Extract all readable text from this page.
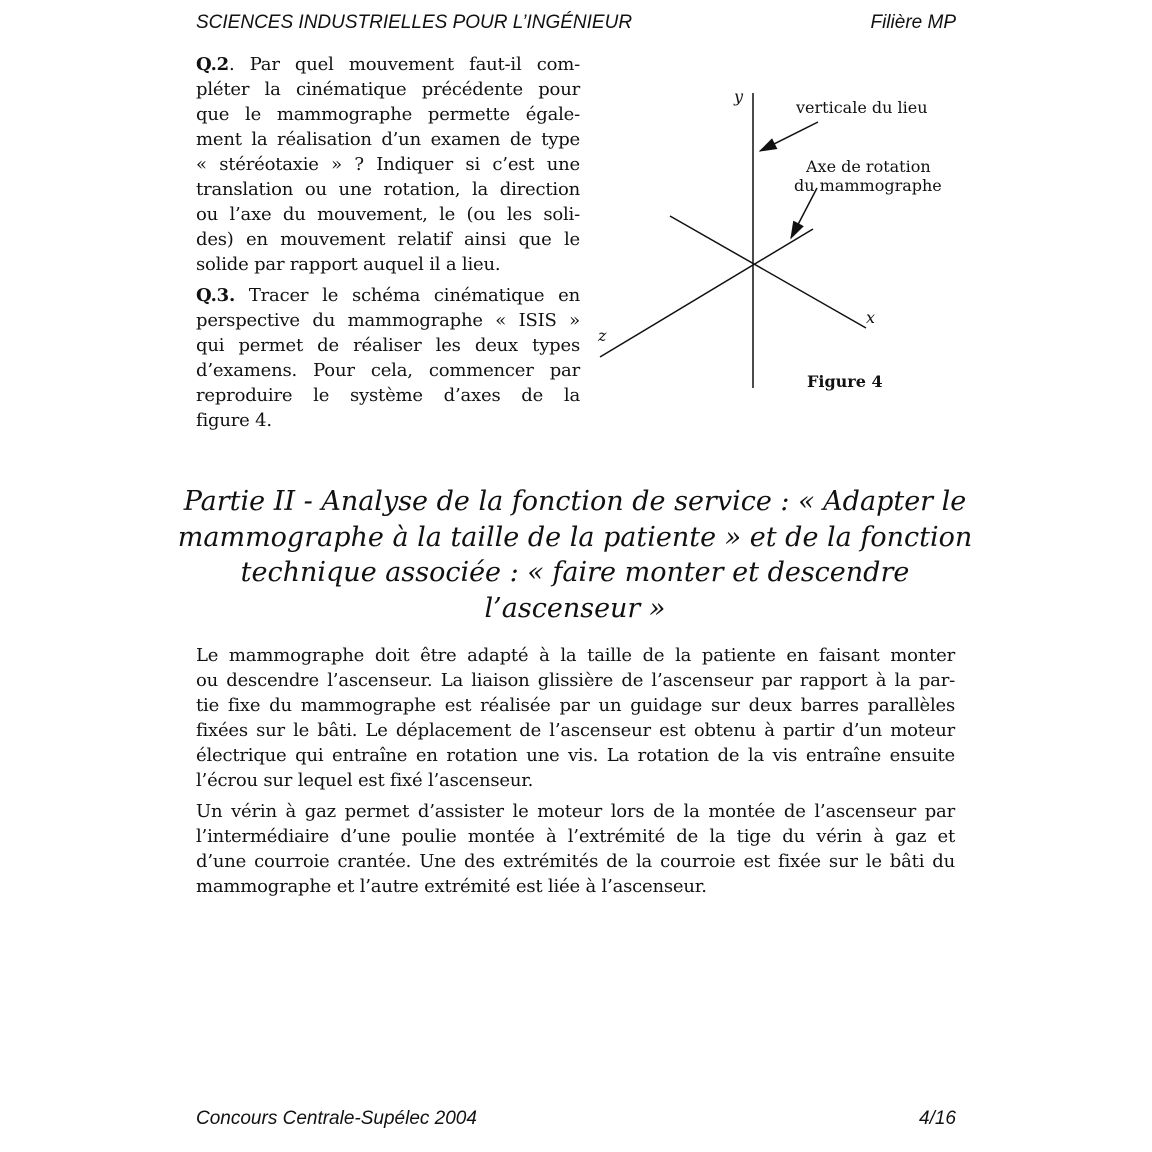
SCIENCES INDUSTRIELLES POUR L’INGÉNIEUR	Filière MP
Q.2. Par quel mouvement faut-il com-
pléter la cinématique précédente pour
que le mammographe permette égale-
ment la réalisation d’un examen de type
« stéréotaxie » ? Indiquer si c’est une
translation ou une rotation, la direction
ou l’axe du mouvement, le (ou les soli-
des) en mouvement relatif ainsi que le
solide par rapport auquel il a lieu.
Q.3. Tracer le schéma cinématique en
perspective du mammographe « ISIS »
qui permet de réaliser les deux types
d’examens. Pour cela, commencer par
reproduire le système d’axes de la
figure 4.
y
x
z
verticale du lieu
Axe de rotation
du mammographe
Figure 4
Partie II - Analyse de la fonction de service : « Adapter le
mammographe à la taille de la patiente » et de la fonction
technique associée : « faire monter et descendre
l’ascenseur »
Le mammographe doit être adapté à la taille de la patiente en faisant monter
ou descendre l’ascenseur. La liaison glissière de l’ascenseur par rapport à la par-
tie fixe du mammographe est réalisée par un guidage sur deux barres parallèles
fixées sur le bâti. Le déplacement de l’ascenseur est obtenu à partir d’un moteur
électrique qui entraîne en rotation une vis. La rotation de la vis entraîne ensuite
l’écrou sur lequel est fixé l’ascenseur.
Un vérin à gaz permet d’assister le moteur lors de la montée de l’ascenseur par
l’intermédiaire d’une poulie montée à l’extrémité de la tige du vérin à gaz et
d’une courroie crantée. Une des extrémités de la courroie est fixée sur le bâti du
mammographe et l’autre extrémité est liée à l’ascenseur.
Concours Centrale-Supélec 2004	4/16
